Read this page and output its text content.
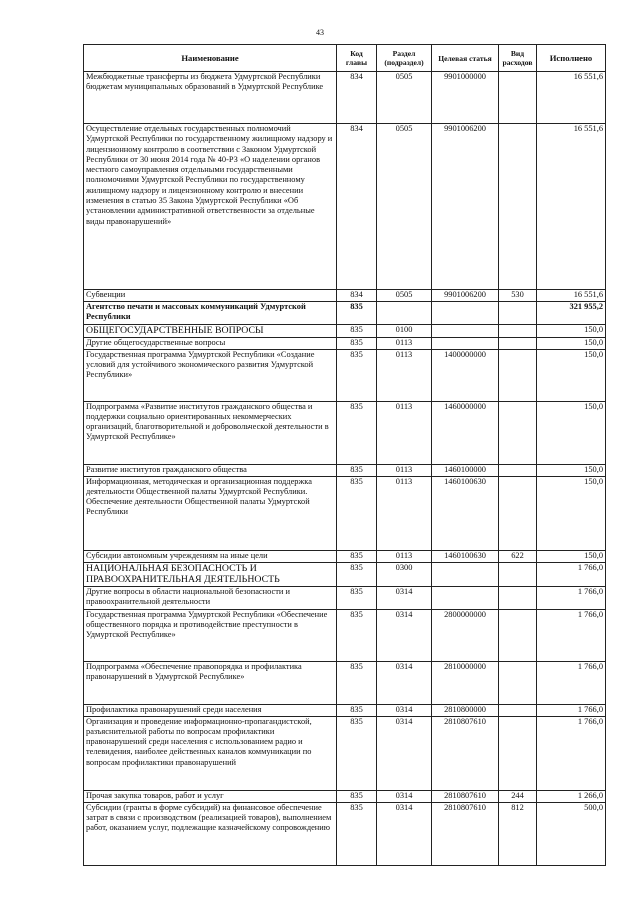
43
Наименование	Код главы	Раздел (подраздел)	Целевая статья	Вид расходов	Исполнено
Межбюджетные трансферты из бюджета Удмуртской Республики бюджетам муниципальных образований в Удмуртской Республике	834	0505	9901000000		16 551,6
Осуществление отдельных государственных полномочий Удмуртской Республики по государственному жилищному надзору и лицензионному контролю в соответствии с Законом Удмуртской Республики от 30 июня 2014 года № 40-РЗ «О наделении органов местного самоуправления отдельными государственными полномочиями Удмуртской Республики по государственному жилищному надзору и лицензионному контролю и внесении изменения в статью 35 Закона Удмуртской Республики «Об установлении административной ответственности за отдельные виды правонарушений»	834	0505	9901006200		16 551,6
Субвенции	834	0505	9901006200	530	16 551,6
Агентство печати и массовых коммуникаций Удмуртской Республики	835				321 955,2
ОБЩЕГОСУДАРСТВЕННЫЕ ВОПРОСЫ	835	0100			150,0
Другие общегосударственные вопросы	835	0113			150,0
Государственная программа Удмуртской Республики «Создание условий для устойчивого экономического развития Удмуртской Республики»	835	0113	1400000000		150,0
Подпрограмма «Развитие институтов гражданского общества и поддержки социально ориентированных некоммерческих организаций, благотворительной и добровольческой деятельности в Удмуртской Республике»	835	0113	1460000000		150,0
Развитие институтов гражданского общества	835	0113	1460100000		150,0
Информационная, методическая и организационная поддержка деятельности Общественной палаты Удмуртской Республики. Обеспечение деятельности Общественной палаты Удмуртской Республики	835	0113	1460100630		150,0
Субсидии автономным учреждениям на иные цели	835	0113	1460100630	622	150,0
НАЦИОНАЛЬНАЯ БЕЗОПАСНОСТЬ И ПРАВООХРАНИТЕЛЬНАЯ ДЕЯТЕЛЬНОСТЬ	835	0300			1 766,0
Другие вопросы в области национальной безопасности и правоохранительной деятельности	835	0314			1 766,0
Государственная программа Удмуртской Республики «Обеспечение общественного порядка и противодействие преступности в Удмуртской Республике»	835	0314	2800000000		1 766,0
Подпрограмма «Обеспечение правопорядка и профилактика правонарушений в Удмуртской Республике»	835	0314	2810000000		1 766,0
Профилактика правонарушений среди населения	835	0314	2810800000		1 766,0
Организация и проведение информационно-пропагандистской, разъяснительной работы по вопросам профилактики правонарушений среди населения с использованием радио и телевидения, наиболее действенных каналов коммуникации по вопросам профилактики правонарушений	835	0314	2810807610		1 766,0
Прочая закупка товаров, работ и услуг	835	0314	2810807610	244	1 266,0
Субсидии (гранты в форме субсидий) на финансовое обеспечение затрат в связи с производством (реализацией товаров), выполнением работ, оказанием услуг, подлежащие казначейскому сопровождению	835	0314	2810807610	812	500,0
